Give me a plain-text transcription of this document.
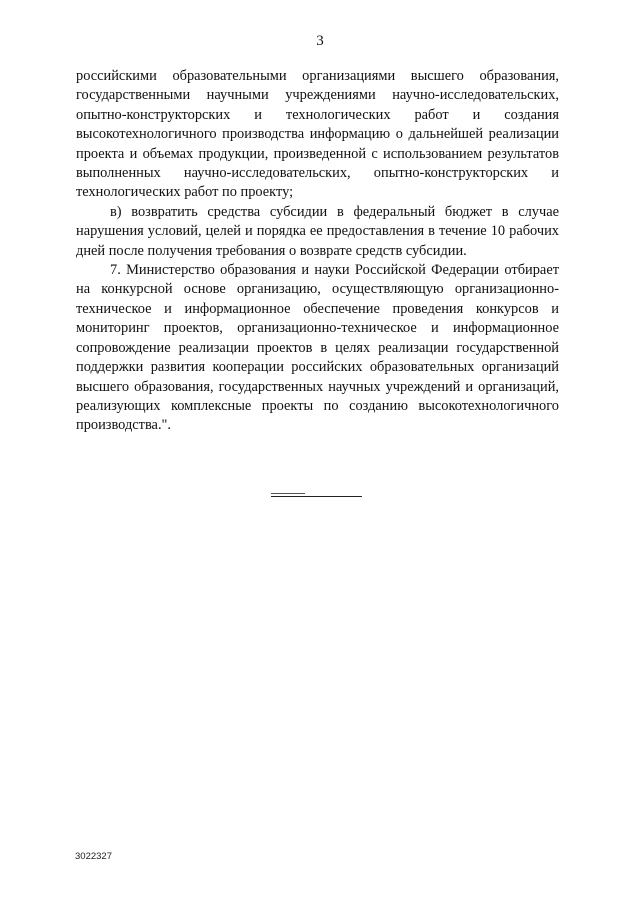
3

российскими образовательными организациями высшего образования, государственными научными учреждениями научно-исследовательских, опытно-конструкторских и технологических работ и создания высокотехнологичного производства информацию о дальнейшей реализации проекта и объемах продукции, произведенной с использованием результатов выполненных научно-исследовательских, опытно-конструкторских и технологических работ по проекту;

в) возвратить средства субсидии в федеральный бюджет в случае нарушения условий, целей и порядка ее предоставления в течение 10 рабочих дней после получения требования о возврате средств субсидии.

7. Министерство образования и науки Российской Федерации отбирает на конкурсной основе организацию, осуществляющую организационно-техническое и информационное обеспечение проведения конкурсов и мониторинг проектов, организационно-техническое и информационное сопровождение реализации проектов в целях реализации государственной поддержки развития кооперации российских образовательных организаций высшего образования, государственных научных учреждений и организаций, реализующих комплексные проекты по созданию высокотехнологичного производства.".

3022327
